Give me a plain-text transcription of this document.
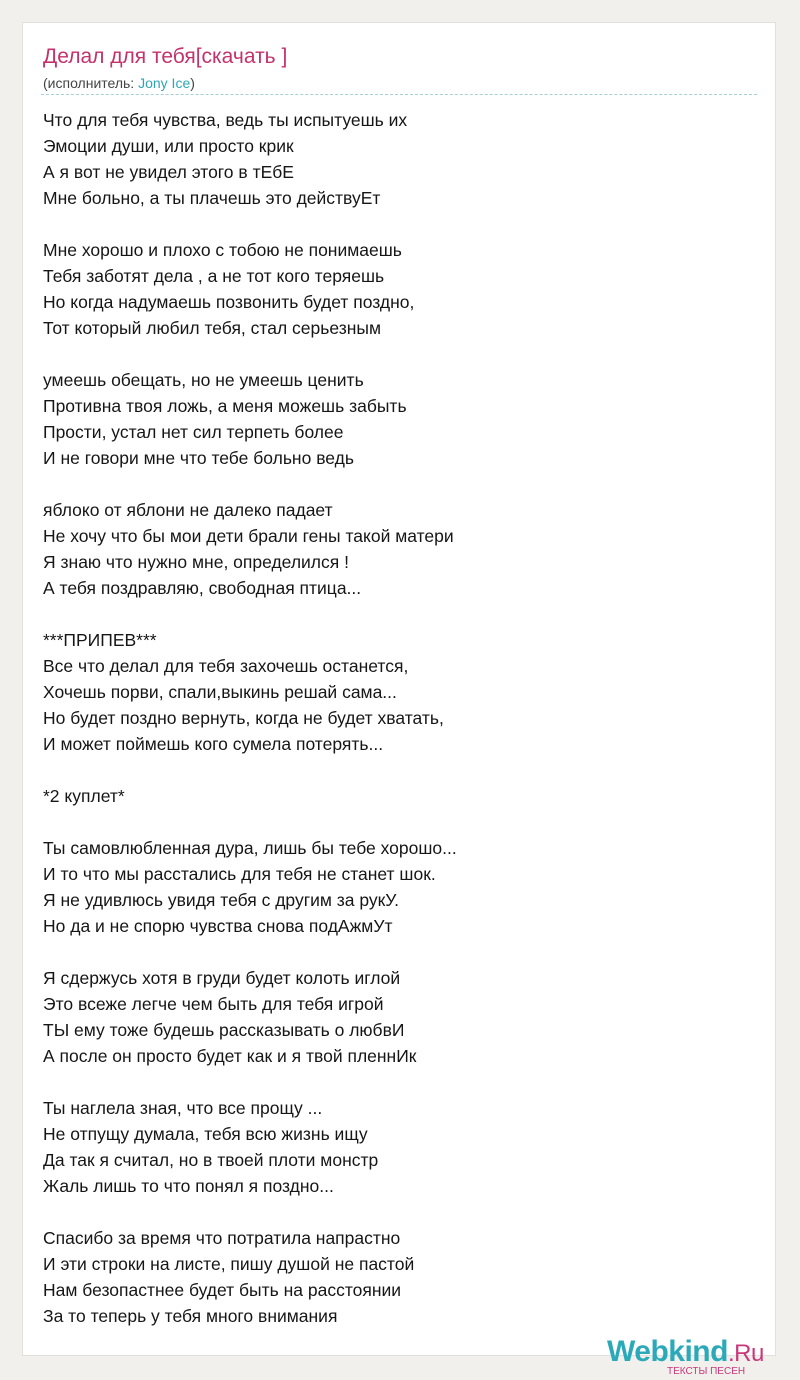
Делал для тебя[скачать ]
(исполнитель: Jony Ice)
Что для тебя чувства, ведь ты испытуешь их
Эмоции души, или просто крик
А я вот не увидел этого в тЕбЕ
Мне больно, а ты плачешь это действуЕт
Мне хорошо и плохо с тобою не понимаешь
Тебя заботят дела , а не тот кого теряешь
Но когда надумаешь позвонить будет поздно,
Тот который любил тебя, стал серьезным
умеешь обещать, но не умеешь ценить
Противна твоя ложь, а меня можешь забыть
Прости, устал нет сил терпеть более
И не говори мне что тебе больно ведь
яблоко от яблони не далеко падает
Не хочу что бы мои дети брали гены такой матери
Я знаю что нужно мне, определился !
А тебя поздравляю, свободная птица...
***ПРИПЕВ***
Все что делал для тебя захочешь останется,
Хочешь порви, спали,выкинь решай сама...
Но будет поздно вернуть, когда не будет хватать,
И может поймешь кого сумела потерять...
*2 куплет*
Ты самовлюбленная дура, лишь бы тебе хорошо...
И то что мы расстались для тебя не станет шок.
Я не удивлюсь увидя тебя с другим за рукУ.
Но да и не спорю чувства снова подАжмУт
Я сдержусь хотя в груди будет колоть иглой
Это всеже легче чем быть для тебя игрой
ТЫ ему тоже будешь рассказывать о любвИ
А после он просто будет как и я твой пленнИк
Ты наглела зная, что все прощу ...
Не отпущу думала, тебя всю жизнь ищу
Да так я считал, но в твоей плоти монстр
Жаль лишь то что понял я поздно...
Спасибо за время что потратила напрастно
И эти строки на листе, пишу душой не пастой
Нам безопастнее будет быть на расстоянии
За то теперь у тебя много внимания
Webkind.Ru
ТЕКСТЫ ПЕСЕН
